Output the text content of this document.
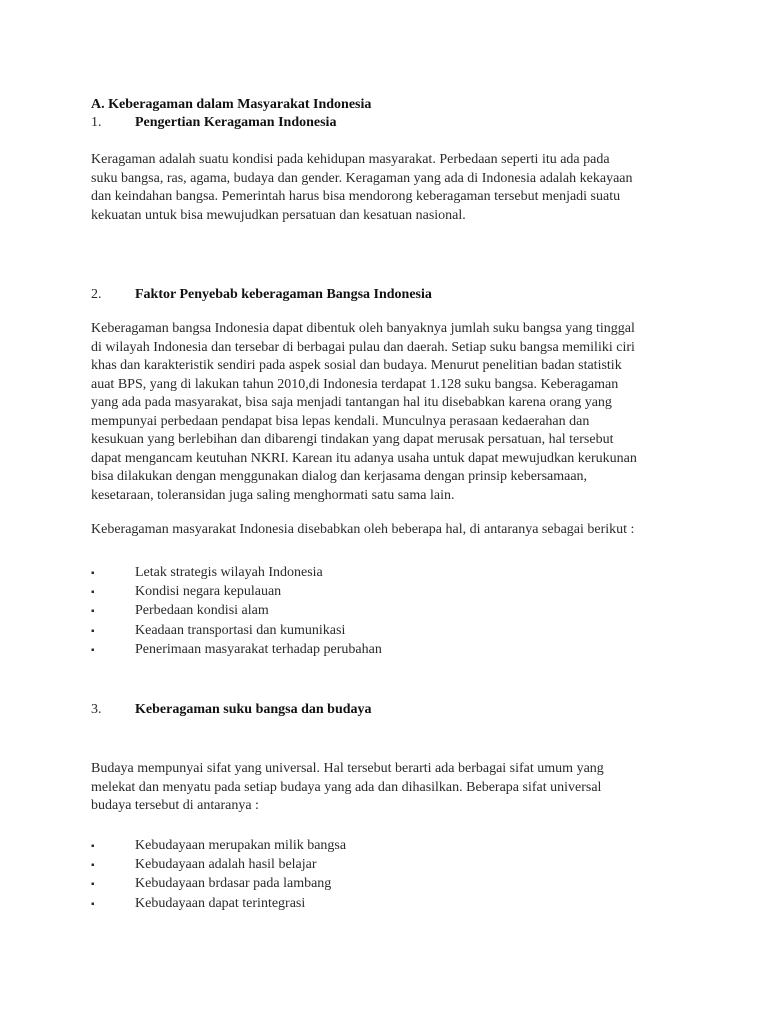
A. Keberagaman dalam Masyarakat Indonesia
1. Pengertian Keragaman Indonesia
Keragaman adalah suatu kondisi pada kehidupan masyarakat. Perbedaan seperti itu ada pada
suku bangsa, ras, agama, budaya dan gender. Keragaman yang ada di Indonesia adalah kekayaan
dan keindahan bangsa. Pemerintah harus bisa mendorong keberagaman tersebut menjadi suatu
kekuatan untuk bisa mewujudkan persatuan dan kesatuan nasional.
2. Faktor Penyebab keberagaman Bangsa Indonesia
Keberagaman bangsa Indonesia dapat dibentuk oleh banyaknya jumlah suku bangsa yang tinggal
di wilayah Indonesia dan tersebar di berbagai pulau dan daerah. Setiap suku bangsa memiliki ciri
khas dan karakteristik sendiri pada aspek sosial dan budaya. Menurut penelitian badan statistik
auat BPS, yang di lakukan tahun 2010,di Indonesia terdapat 1.128 suku bangsa. Keberagaman
yang ada pada masyarakat, bisa saja menjadi tantangan hal itu disebabkan karena orang yang
mempunyai perbedaan pendapat bisa lepas kendali. Munculnya perasaan kedaerahan dan
kesukuan yang berlebihan dan dibarengi tindakan yang dapat merusak persatuan, hal tersebut
dapat mengancam keutuhan NKRI. Karean itu adanya usaha untuk dapat mewujudkan kerukunan
bisa dilakukan dengan menggunakan dialog dan kerjasama dengan prinsip kebersamaan,
kesetaraan, toleransidan juga saling menghormati satu sama lain.
Keberagaman masyarakat Indonesia disebabkan oleh beberapa hal, di antaranya sebagai berikut :
▪	Letak strategis wilayah Indonesia
▪	Kondisi negara kepulauan
▪	Perbedaan kondisi alam
▪	Keadaan transportasi dan kumunikasi
▪	Penerimaan masyarakat terhadap perubahan
3. Keberagaman suku bangsa dan budaya
Budaya mempunyai sifat yang universal. Hal tersebut berarti ada berbagai sifat umum yang
melekat dan menyatu pada setiap budaya yang ada dan dihasilkan. Beberapa sifat universal
budaya tersebut di antaranya :
▪	Kebudayaan merupakan milik bangsa
▪	Kebudayaan adalah hasil belajar
▪	Kebudayaan brdasar pada lambang
▪	Kebudayaan dapat terintegrasi
